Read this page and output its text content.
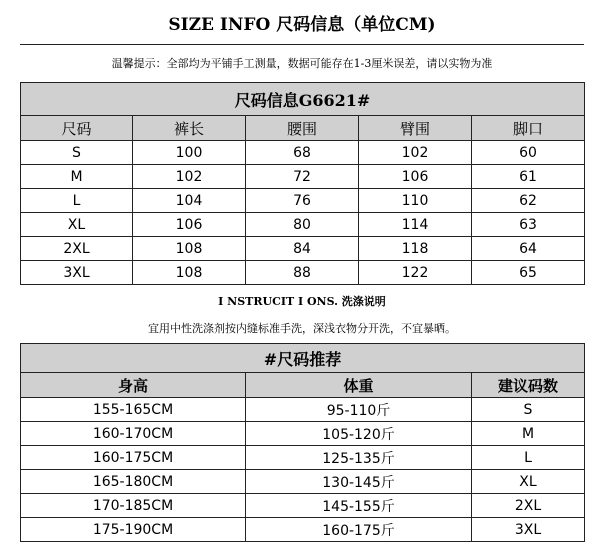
SIZE INFO 尺码信息（单位CM)
温馨提示：全部均为平铺手工测量，数据可能存在1-3厘米误差，请以实物为准
尺码信息G6621#				
尺码	裤长	腰围	臂围	脚口
S	100	68	102	60
M	102	72	106	61
L	104	76	110	62
XL	106	80	114	63
2XL	108	84	118	64
3XL	108	88	122	65
I NSTRUCIT I ONS. 洗涤说明
宜用中性洗涤剂按内缝标准手洗，深浅衣物分开洗，不宜暴晒。
#尺码推荐		
身高	体重	建议码数
155-165CM	95-110斤	S
160-170CM	105-120斤	M
160-175CM	125-135斤	L
165-180CM	130-145斤	XL
170-185CM	145-155斤	2XL
175-190CM	160-175斤	3XL
